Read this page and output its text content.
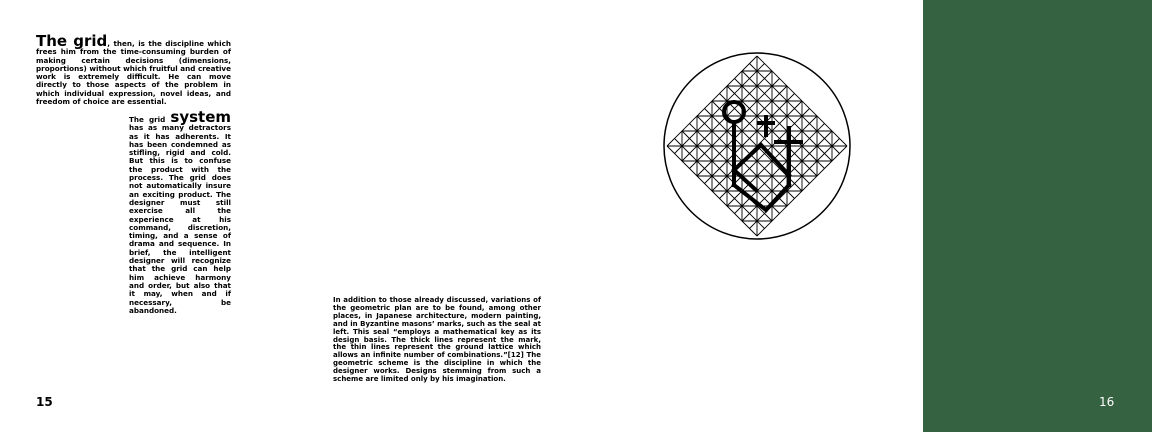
The grid, then, is the discipline which frees him from the time-consuming burden of making certain decisions (dimensions, proportions) without which fruitful and creative work is extremely difficult. He can move directly to those aspects of the problem in which individual expression, novel ideas, and freedom of choice are essential.
The grid system has as many detractors as it has adherents. It has been condemned as stifling, rigid and cold. But this is to confuse the product with the process. The grid does not automatically insure an exciting product. The designer must still exercise all the experience at his command, discretion, timing, and a sense of drama and sequence. In brief, the intelligent designer will recognize that the grid can help him achieve harmony and order, but also that it may, when and if necessary, be abandoned.
In addition to those already discussed, variations of the geometric plan are to be found, among other places, in Japanese architecture, modern painting, and in Byzantine masons’ marks, such as the seal at left. This seal “employs a mathematical key as its design basis. The thick lines represent the mark, the thin lines represent the ground lattice which allows an infinite number of combinations.”[12] The geometric scheme is the discipline in which the designer works. Designs stemming from such a scheme are limited only by his imagination.
15	16
